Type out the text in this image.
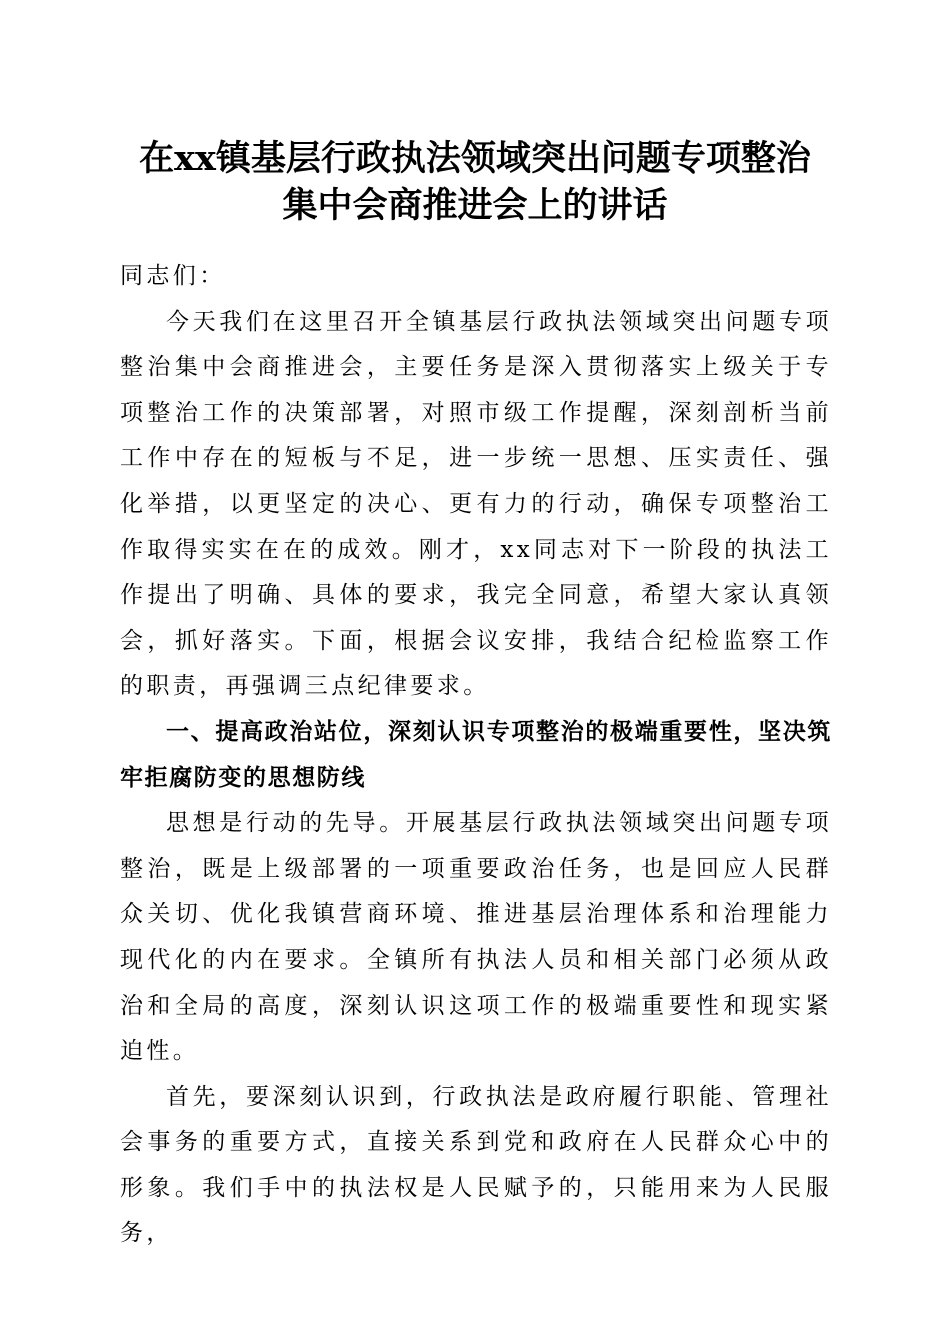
在xx镇基层行政执法领域突出问题专项整治
集中会商推进会上的讲话

同志们：

今天我们在这里召开全镇基层行政执法领域突出问题专项整治集中会商推进会，主要任务是深入贯彻落实上级关于专项整治工作的决策部署，对照市级工作提醒，深刻剖析当前工作中存在的短板与不足，进一步统一思想、压实责任、强化举措，以更坚定的决心、更有力的行动，确保专项整治工作取得实实在在的成效。刚才，xx同志对下一阶段的执法工作提出了明确、具体的要求，我完全同意，希望大家认真领会，抓好落实。下面，根据会议安排，我结合纪检监察工作的职责，再强调三点纪律要求。

一、提高政治站位，深刻认识专项整治的极端重要性，坚决筑牢拒腐防变的思想防线

思想是行动的先导。开展基层行政执法领域突出问题专项整治，既是上级部署的一项重要政治任务，也是回应人民群众关切、优化我镇营商环境、推进基层治理体系和治理能力现代化的内在要求。全镇所有执法人员和相关部门必须从政治和全局的高度，深刻认识这项工作的极端重要性和现实紧迫性。

首先，要深刻认识到，行政执法是政府履行职能、管理社会事务的重要方式，直接关系到党和政府在人民群众心中的形象。我们手中的执法权是人民赋予的，只能用来为人民服务，
